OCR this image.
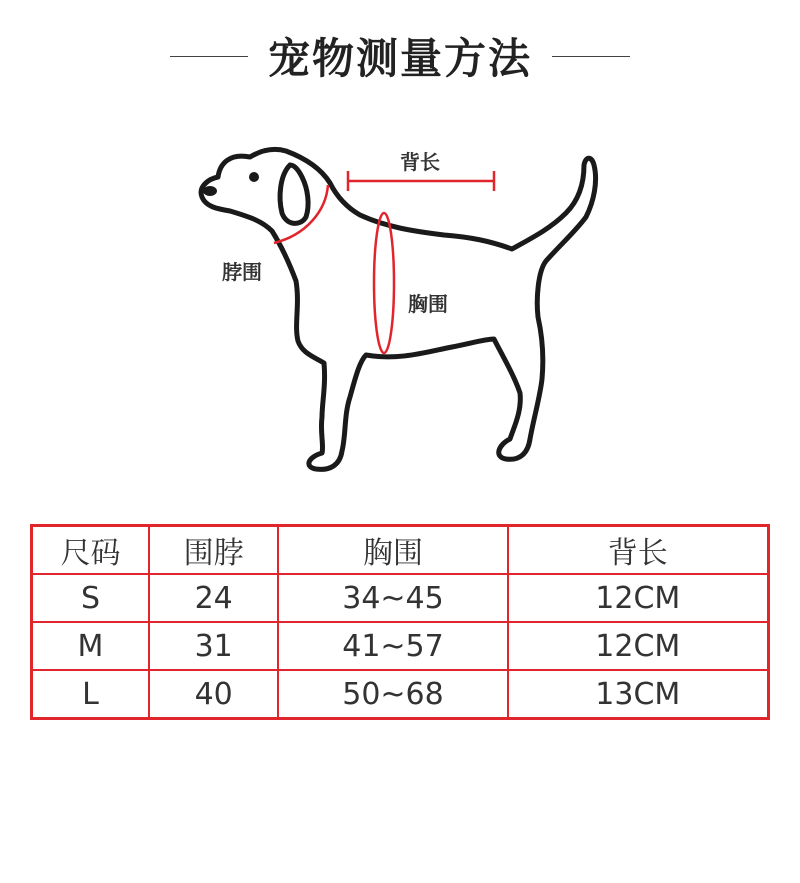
宠物测量方法
背长
脖围
胸围
尺码	围脖	胸围	背长
S	24	34~45	12CM
M	31	41~57	12CM
L	40	50~68	13CM
